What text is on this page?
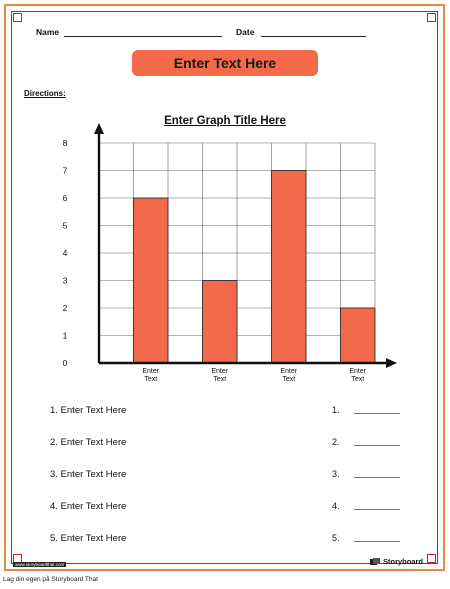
Name	Date
Enter Text Here
Directions:
Enter Graph Title Here
Enter
Text
Enter
Text
Enter
Text
Enter
Text
0
1
2
3
4
5
6
7
8
1. Enter Text Here
2. Enter Text Here
3. Enter Text Here
4. Enter Text Here
5. Enter Text Here
1.
2.
3.
4.
5.
www.storyboardthat.com	Storyboard
Lag din egen på Storyboard That
